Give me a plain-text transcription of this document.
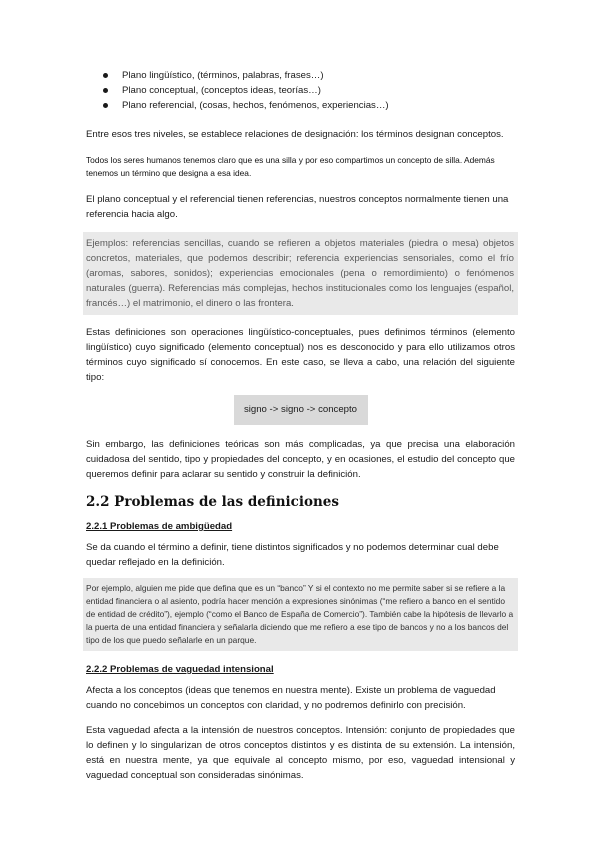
Plano lingüístico, (términos, palabras, frases…)
Plano conceptual, (conceptos ideas, teorías…)
Plano referencial, (cosas, hechos, fenómenos, experiencias…)

Entre esos tres niveles, se establece relaciones de designación: los términos designan conceptos.

Todos los seres humanos tenemos claro que es una silla y por eso compartimos un concepto de silla. Además tenemos un término que designa a esa idea.

El plano conceptual y el referencial tienen referencias, nuestros conceptos normalmente tienen una referencia hacia algo.

Ejemplos: referencias sencillas, cuando se refieren a objetos materiales (piedra o mesa) objetos concretos, materiales, que podemos describir; referencia experiencias sensoriales, como el frío (aromas, sabores, sonidos); experiencias emocionales (pena o remordimiento) o fenómenos naturales (guerra). Referencias más complejas, hechos institucionales como los lenguajes (español, francés…) el matrimonio, el dinero o las frontera.

Estas definiciones son operaciones lingüístico-conceptuales, pues definimos términos (elemento lingüístico) cuyo significado (elemento conceptual) nos es desconocido y para ello utilizamos otros términos cuyo significado sí conocemos. En este caso, se lleva a cabo, una relación del siguiente tipo:

signo -> signo -> concepto

Sin embargo, las definiciones teóricas son más complicadas, ya que precisa una elaboración cuidadosa del sentido, tipo y propiedades del concepto, y en ocasiones, el estudio del concepto que queremos definir para aclarar su sentido y construir la definición.

2.2 Problemas de las definiciones
2.2.1 Problemas de ambigüedad

Se da cuando el término a definir, tiene distintos significados y no podemos determinar cual debe quedar reflejado en la definición.

Por ejemplo, alguien me pide que defina que es un “banco” Y si el contexto no me permite saber si se refiere a la entidad financiera o al asiento, podría hacer mención a expresiones sinónimas (“me refiero a banco en el sentido de entidad de crédito”), ejemplo (“como el Banco de España de Comercio”). También cabe la hipótesis de llevarlo a la puerta de una entidad financiera y señalarla diciendo que me refiero a ese tipo de bancos y no a los bancos del tipo de los que puedo señalarle en un parque.

2.2.2 Problemas de vaguedad intensional

Afecta a los conceptos (ideas que tenemos en nuestra mente). Existe un problema de vaguedad cuando no concebimos un conceptos con claridad, y no podremos definirlo con precisión.

Esta vaguedad afecta a la intensión de nuestros conceptos. Intensión: conjunto de propiedades que lo definen y lo singularizan de otros conceptos distintos y es distinta de su extensión. La intensión, está en nuestra mente, ya que equivale al concepto mismo, por eso, vaguedad intensional y vaguedad conceptual son consideradas sinónimas.
